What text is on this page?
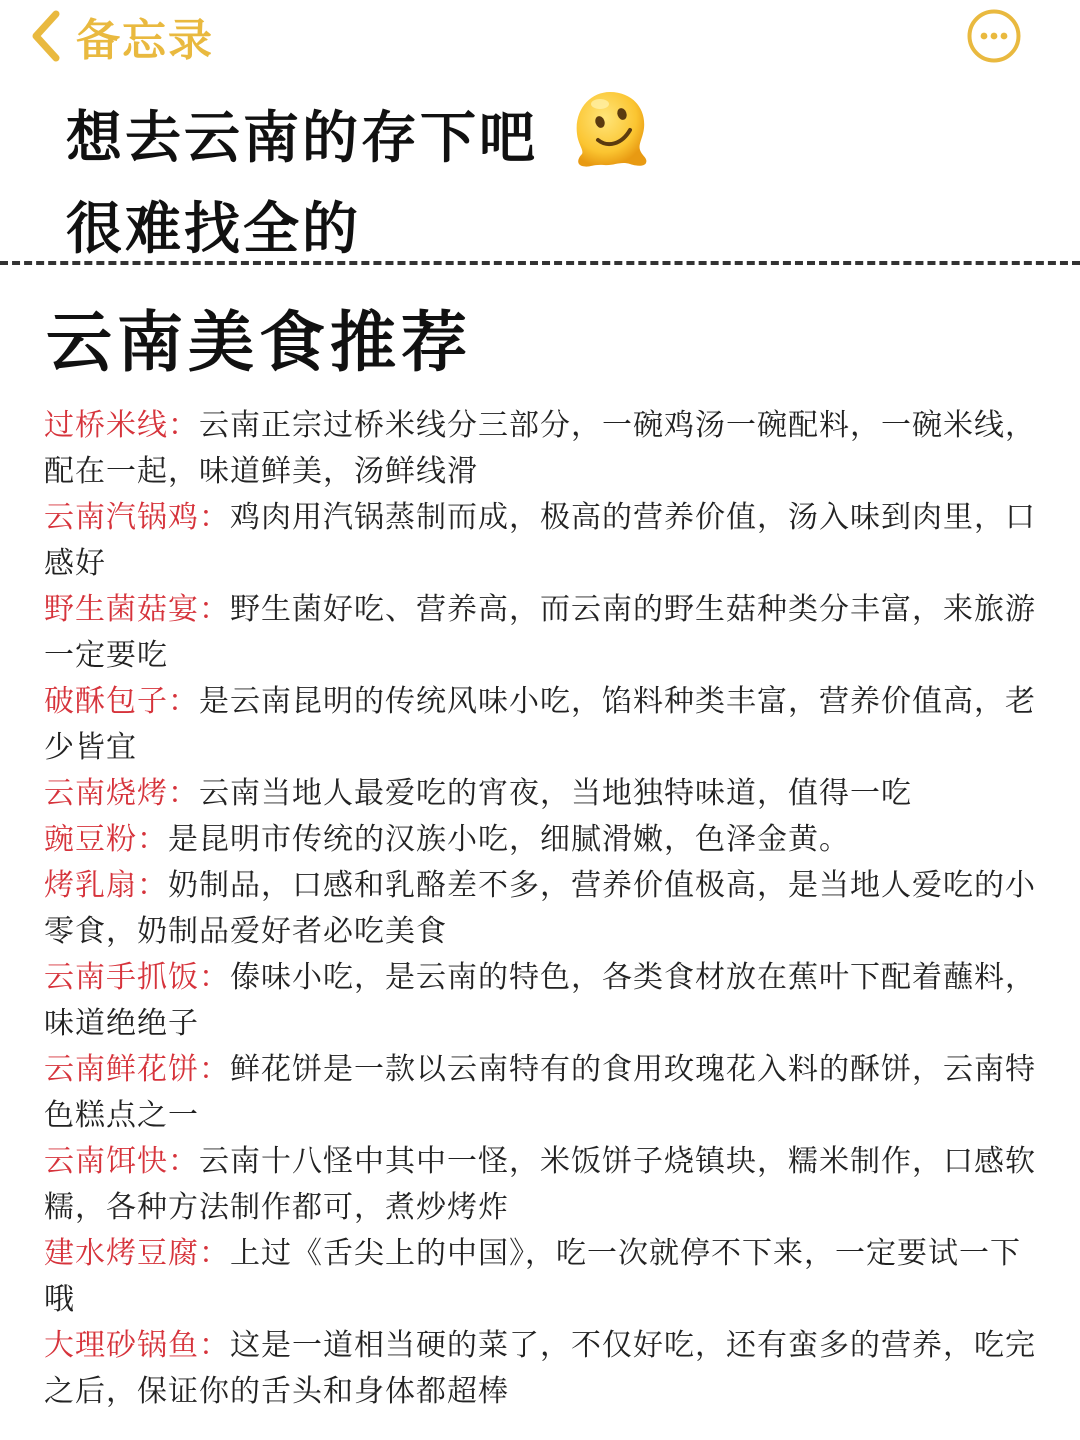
备忘录
想去云南的存下吧
很难找全的
云南美食推荐
过桥米线：云南正宗过桥米线分三部分，一碗鸡汤一碗配料，一碗米线，配在一起，味道鲜美，汤鲜线滑
云南汽锅鸡：鸡肉用汽锅蒸制而成，极高的营养价值，汤入味到肉里，口感好
野生菌菇宴：野生菌好吃、营养高，而云南的野生菇种类分丰富，来旅游一定要吃
破酥包子：是云南昆明的传统风味小吃，馅料种类丰富，营养价值高，老少皆宜
云南烧烤：云南当地人最爱吃的宵夜，当地独特味道，值得一吃
豌豆粉：是昆明市传统的汉族小吃，细腻滑嫩，色泽金黄。
烤乳扇：奶制品，口感和乳酪差不多，营养价值极高，是当地人爱吃的小零食，奶制品爱好者必吃美食
云南手抓饭：傣味小吃，是云南的特色，各类食材放在蕉叶下配着蘸料，味道绝绝子
云南鲜花饼：鲜花饼是一款以云南特有的食用玫瑰花入料的酥饼，云南特色糕点之一
云南饵快：云南十八怪中其中一怪，米饭饼子烧镇块，糯米制作，口感软糯，各种方法制作都可，煮炒烤炸
建水烤豆腐：上过《舌尖上的中国》，吃一次就停不下来，一定要试一下哦
大理砂锅鱼：这是一道相当硬的菜了，不仅好吃，还有蛮多的营养，吃完之后，保证你的舌头和身体都超棒
